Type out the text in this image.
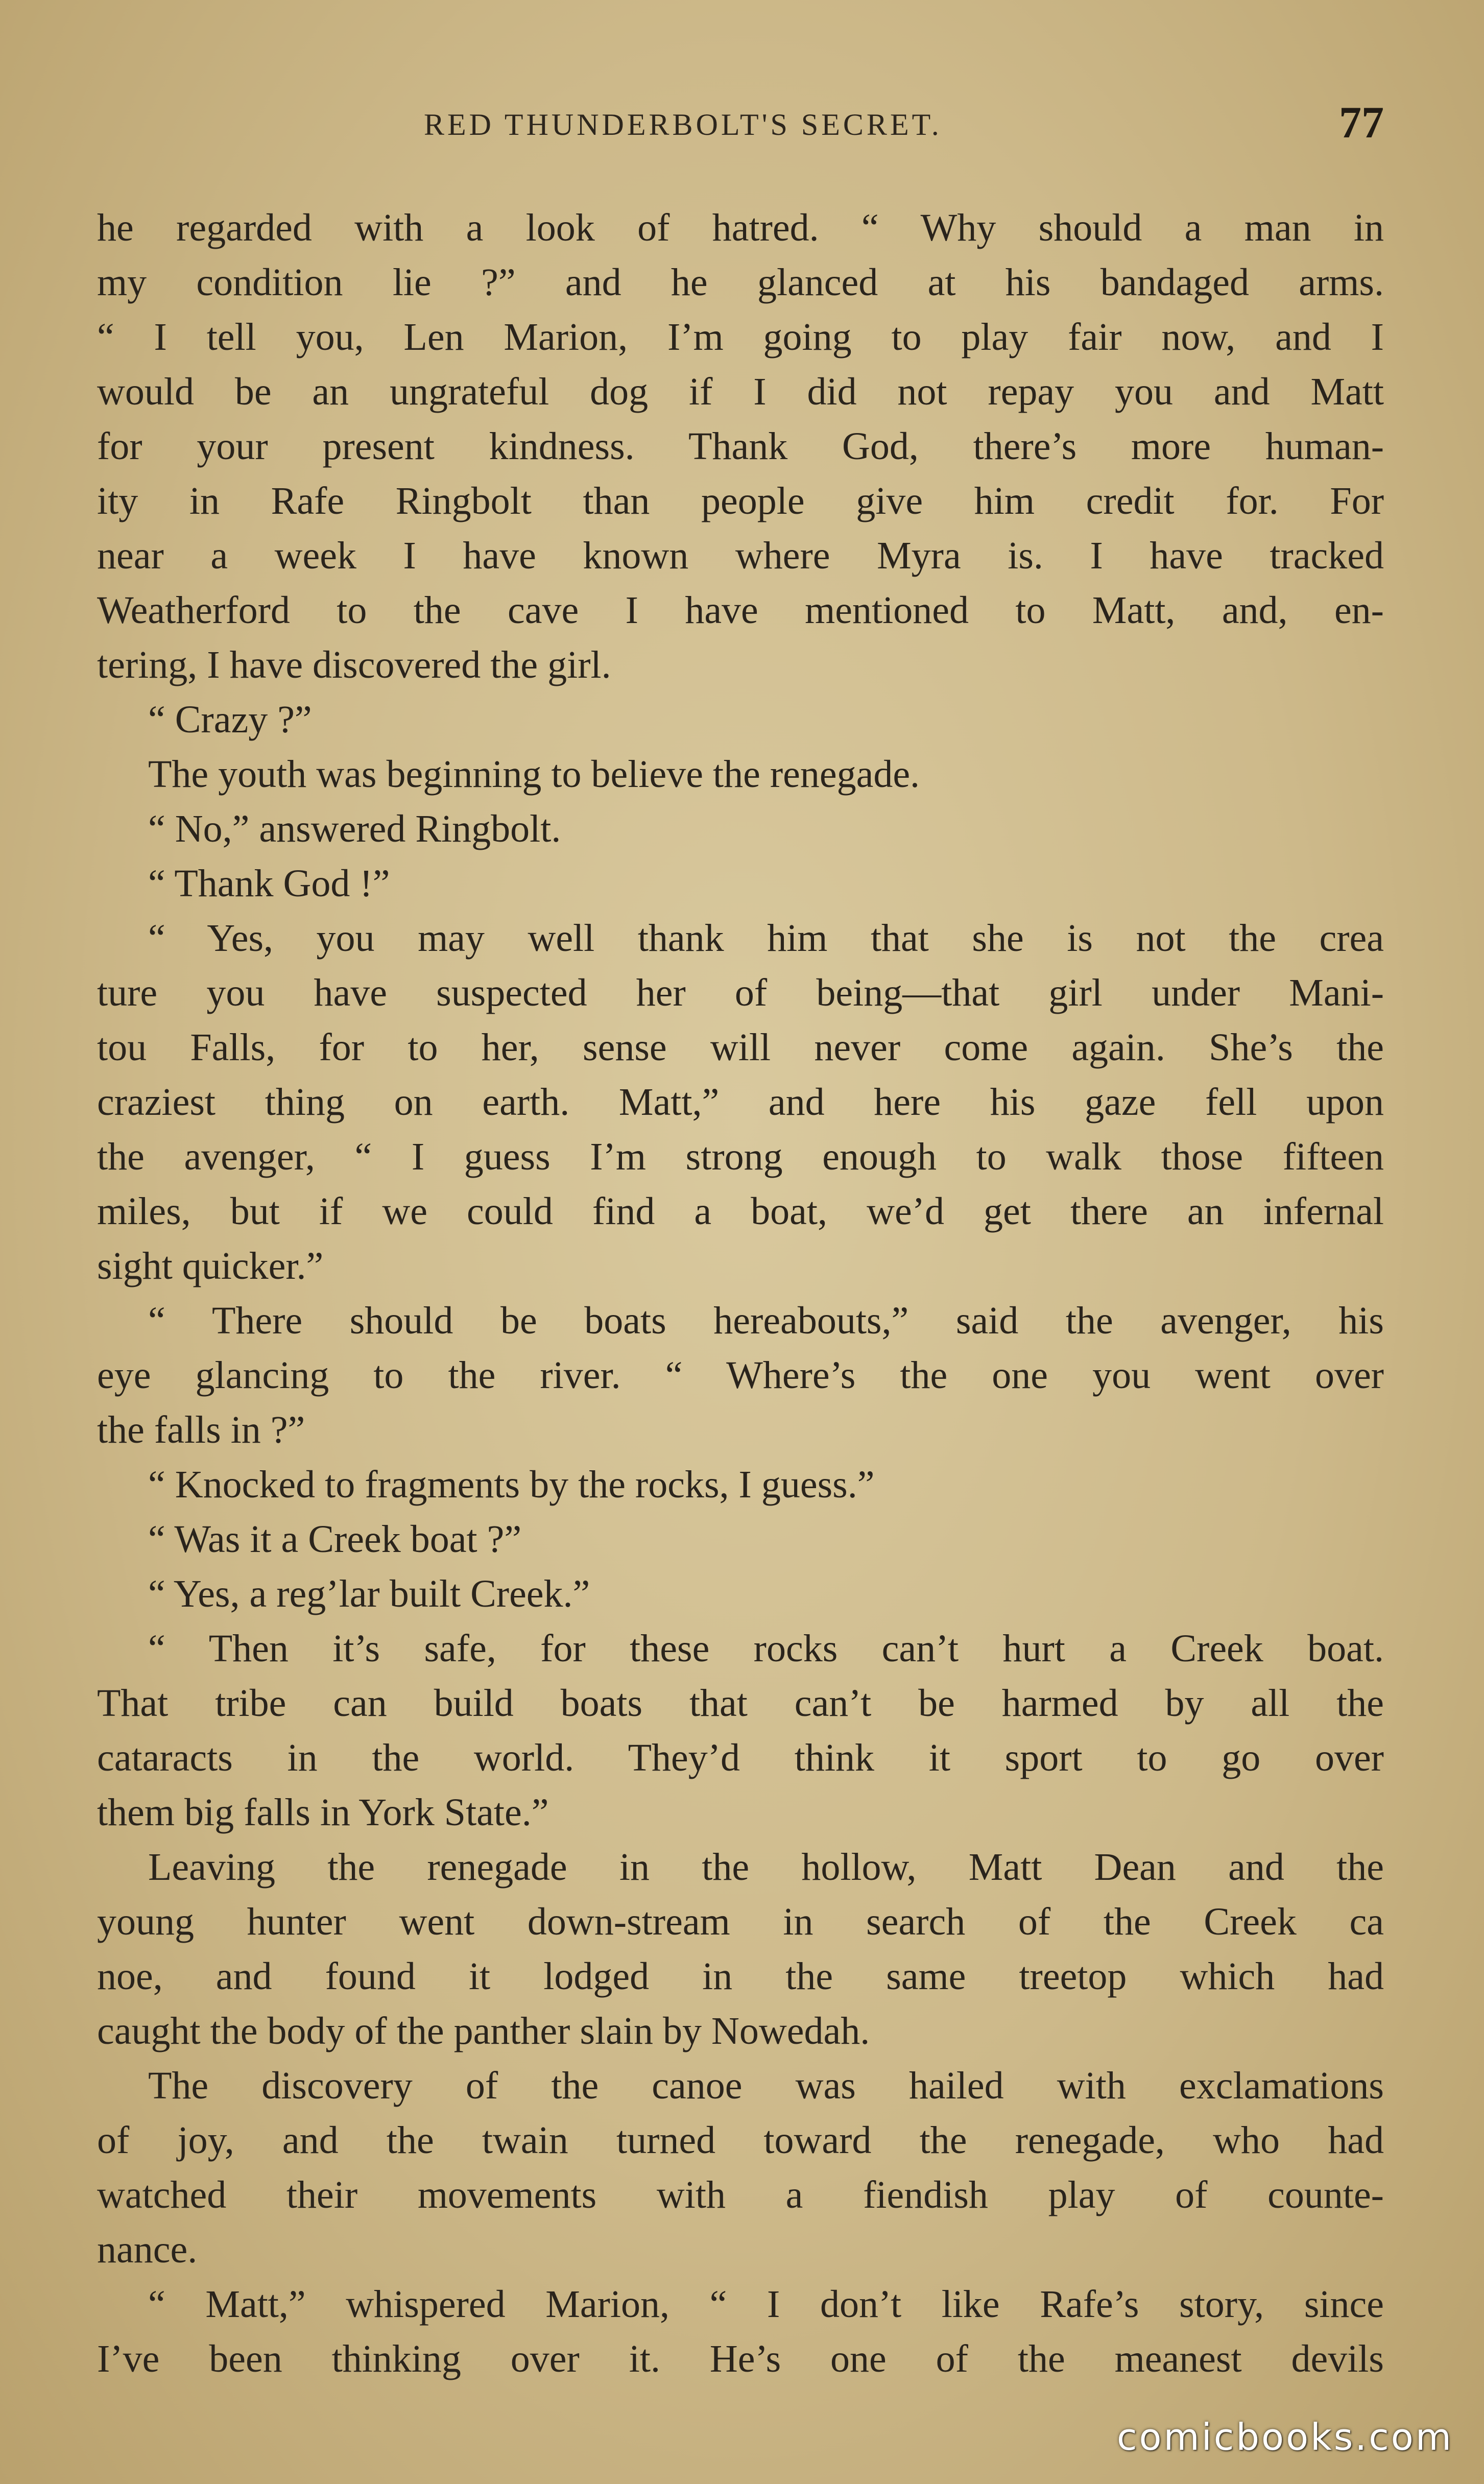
RED THUNDERBOLT'S SECRET.	77
he regarded with a look of hatred. “ Why should a man in
my condition lie ?” and he glanced at his bandaged arms.
“ I tell you, Len Marion, I’m going to play fair now, and I
would be an ungrateful dog if I did not repay you and Matt
for your present kindness. Thank God, there’s more human-
ity in Rafe Ringbolt than people give him credit for. For
near a week I have known where Myra is. I have tracked
Weatherford to the cave I have mentioned to Matt, and, en-
tering, I have discovered the girl.
“ Crazy ?”
The youth was beginning to believe the renegade.
“ No,” answered Ringbolt.
“ Thank God !”
“ Yes, you may well thank him that she is not the crea
ture you have suspected her of being—that girl under Mani-
tou Falls, for to her, sense will never come again. She’s the
craziest thing on earth. Matt,” and here his gaze fell upon
the avenger, “ I guess I’m strong enough to walk those fifteen
miles, but if we could find a boat, we’d get there an infernal
sight quicker.”
“ There should be boats hereabouts,” said the avenger, his
eye glancing to the river. “ Where’s the one you went over
the falls in ?”
“ Knocked to fragments by the rocks, I guess.”
“ Was it a Creek boat ?”
“ Yes, a reg’lar built Creek.”
“ Then it’s safe, for these rocks can’t hurt a Creek boat.
That tribe can build boats that can’t be harmed by all the
cataracts in the world. They’d think it sport to go over
them big falls in York State.”
Leaving the renegade in the hollow, Matt Dean and the
young hunter went down-stream in search of the Creek ca
noe, and found it lodged in the same treetop which had
caught the body of the panther slain by Nowedah.
The discovery of the canoe was hailed with exclamations
of joy, and the twain turned toward the renegade, who had
watched their movements with a fiendish play of counte-
nance.
“ Matt,” whispered Marion, “ I don’t like Rafe’s story, since
I’ve been thinking over it. He’s one of the meanest devils
comicbooks.com
